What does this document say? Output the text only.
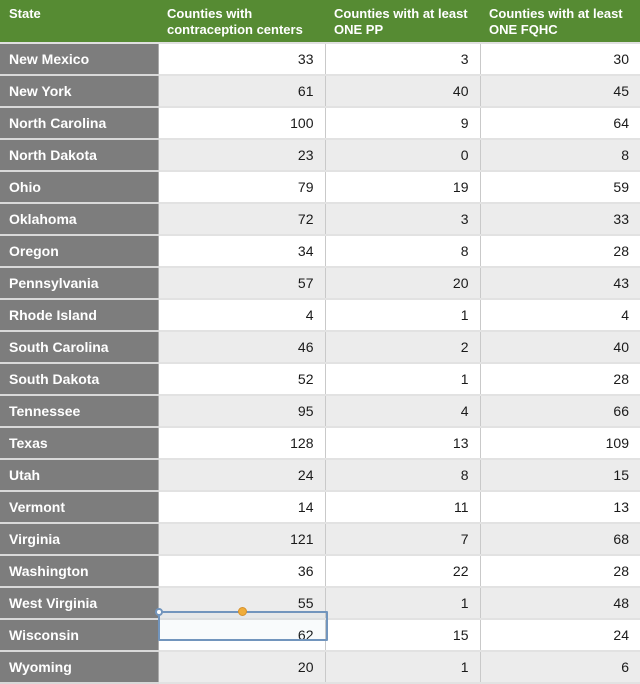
State	Counties with contraception centers	Counties with at least ONE PP	Counties with at least ONE FQHC
New Mexico	33	3	30
New York	61	40	45
North Carolina	100	9	64
North Dakota	23	0	8
Ohio	79	19	59
Oklahoma	72	3	33
Oregon	34	8	28
Pennsylvania	57	20	43
Rhode Island	4	1	4
South Carolina	46	2	40
South Dakota	52	1	28
Tennessee	95	4	66
Texas	128	13	109
Utah	24	8	15
Vermont	14	11	13
Virginia	121	7	68
Washington	36	22	28
West Virginia	55	1	48
Wisconsin	62	15	24
Wyoming	20	1	6
